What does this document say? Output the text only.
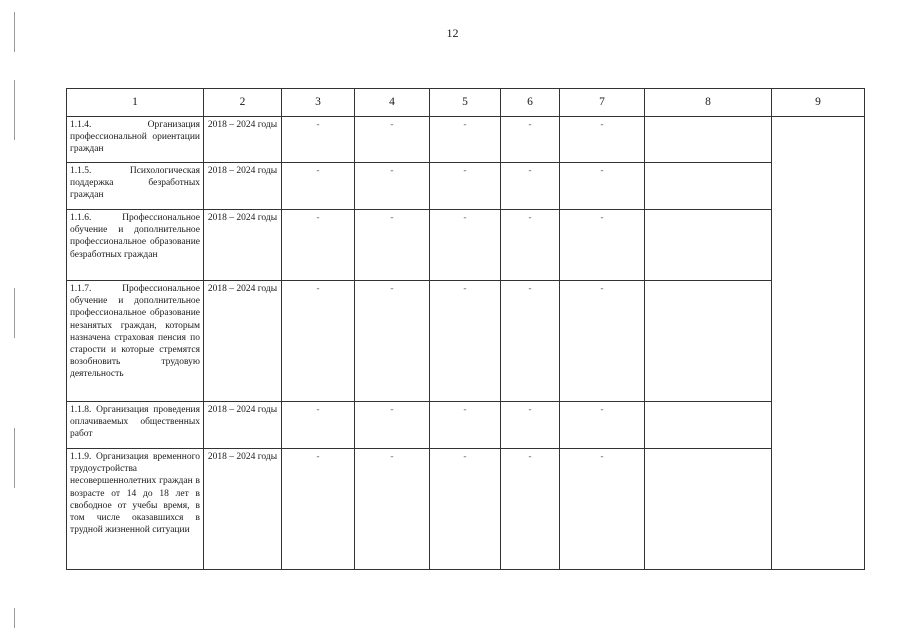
12
1	2	3	4	5	6	7	8	9
1.1.4. Организация профессиональной ориентации граждан	2018 – 2024 годы	-	-	-	-	-		
1.1.5. Психологическая поддержка безработных граждан	2018 – 2024 годы	-	-	-	-	-		
1.1.6. Профессиональное обучение и дополнительное профессиональное образование безработных граждан	2018 – 2024 годы	-	-	-	-	-		
1.1.7. Профессиональное обучение и дополнительное профессиональное образование незанятых граждан, которым назначена страховая пенсия по старости и которые стремятся возобновить трудовую деятельность	2018 – 2024 годы	-	-	-	-	-		
1.1.8. Организация проведения оплачиваемых общественных работ	2018 – 2024 годы	-	-	-	-	-		
1.1.9. Организация временного трудоустройства несовершеннолетних граждан в возрасте от 14 до 18 лет в свободное от учебы время, в том числе оказавшихся в трудной жизненной ситуации	2018 – 2024 годы	-	-	-	-	-		
